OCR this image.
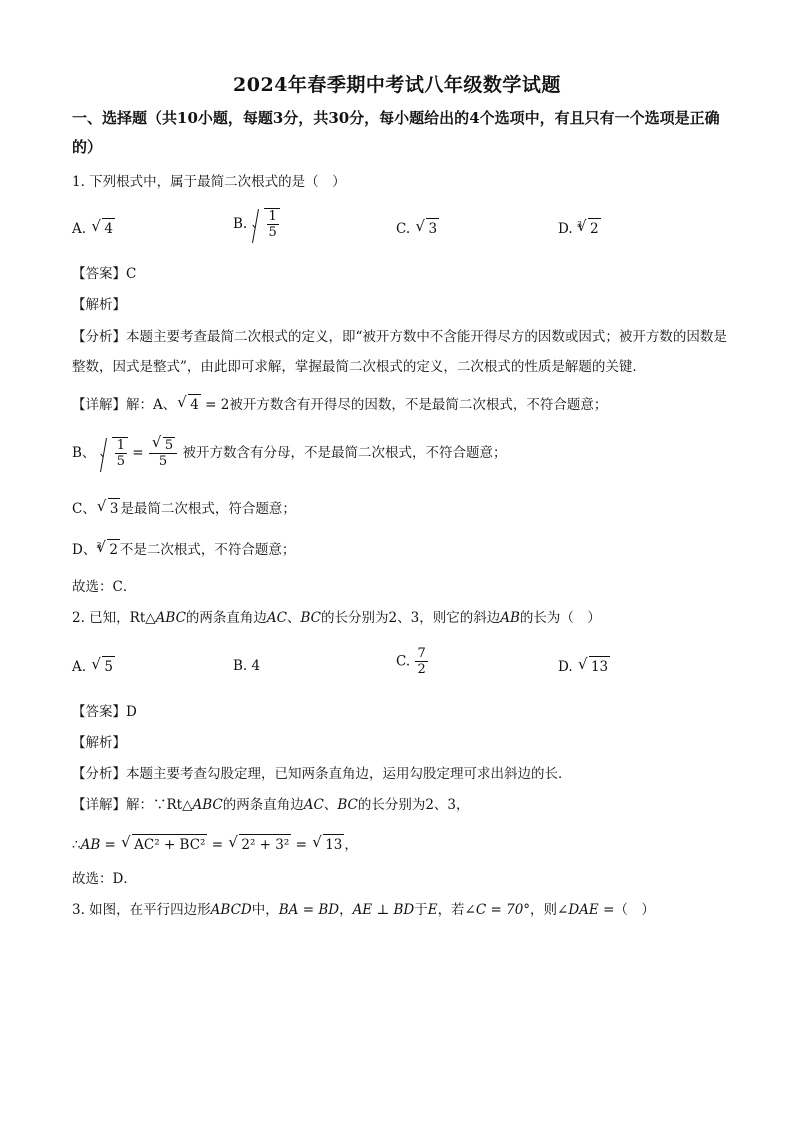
2024年春季期中考试八年级数学试题
一、选择题（共10小题，每题3分，共30分，每小题给出的4个选项中，有且只有一个选项是正确的）
1. 下列根式中，属于最简二次根式的是（　）
A. √ 4	B. $\frac{1}{5}$	C. √ 3	D. √ 3 2
【答案】C
【解析】
【分析】本题主要考查最简二次根式的定义，即“被开方数中不含能开得尽方的因数或因式；被开方数的因数是整数，因式是整式”，由此即可求解，掌握最简二次根式的定义，二次根式的性质是解题的关键．
【详解】解：A、 √ 4 = 2被开方数含有开得尽的因数，不是最简二次根式，不符合题意；
B、 $\frac{1}{5}$ = √ $\frac{5}{5}$ 被开方数含有分母，不是最简二次根式，不符合题意；
C、 √ 3 是最简二次根式，符合题意；
D、 √ 3 2 不是二次根式，不符合题意；
故选：C．
2. 已知，Rt△ABC的两条直角边AC、BC的长分别为2、3，则它的斜边AB的长为（　）
A. √ 5	B. 4	C. $\frac{7}{2}$	D. √ 13
【答案】D
【解析】
【分析】本题主要考查勾股定理，已知两条直角边，运用勾股定理可求出斜边的长．
【详解】解：∵Rt△ABC的两条直角边AC、BC的长分别为2、3，
∴AB = √ AC² + BC² = √ 2² + 3² = √ 13 ，
故选：D．
3. 如图，在平行四边形ABCD中，BA = BD，AE ⊥ BD于E，若∠C = 70°，则∠DAE =（　）
